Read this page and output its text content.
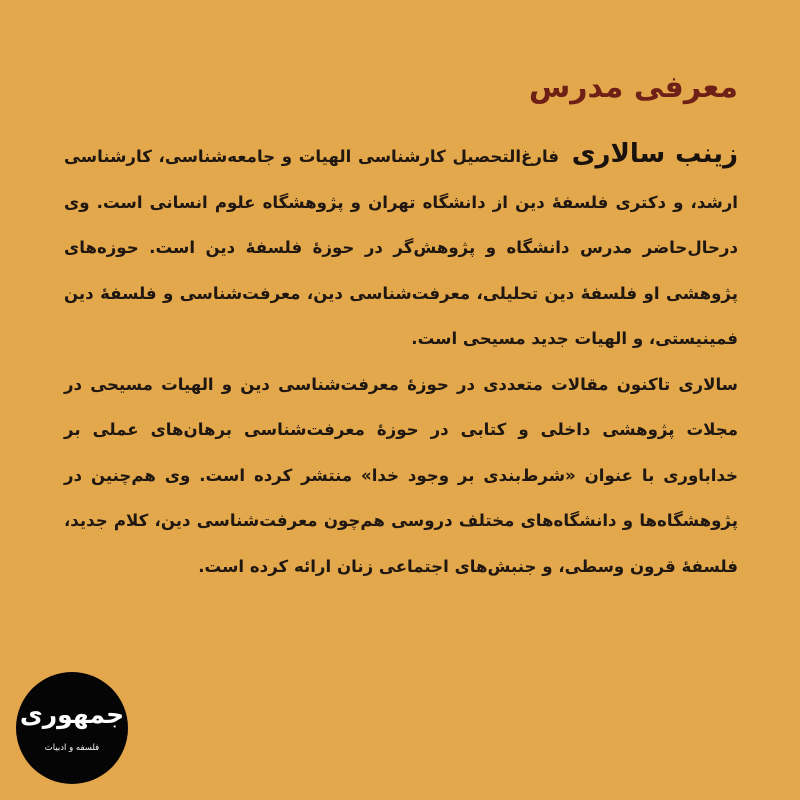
معرفی مدرس

زینب سالاری فارغ‌التحصیل کارشناسی الهیات و جامعه‌شناسی، کارشناسی ارشد، و دکتری فلسفهٔ دین از دانشگاه تهران و پژوهشگاه علوم انسانی است. وی درحال‌حاضر مدرس دانشگاه و پژوهش‌گر در حوزهٔ فلسفهٔ دین است. حوزه‌های پژوهشی او فلسفهٔ دین تحلیلی، معرفت‌شناسی دین، معرفت‌شناسی و فلسفهٔ دین فمینیستی، و الهیات جدید مسیحی است.

سالاری تاکنون مقالات متعددی در حوزهٔ معرفت‌شناسی دین و الهیات مسیحی در مجلات پژوهشی داخلی و کتابی در حوزهٔ معرفت‌شناسی برهان‌های عملی بر خداباوری با عنوان «شرط‌بندی بر وجود خدا» منتشر کرده است. وی هم‌چنین در پژوهشگاه‌ها و دانشگاه‌های مختلف دروسی هم‌چون معرفت‌شناسی دین، کلام جدید، فلسفهٔ قرون وسطی، و جنبش‌های اجتماعی زنان ارائه کرده است.

جمهوری
فلسفه و ادبیات
